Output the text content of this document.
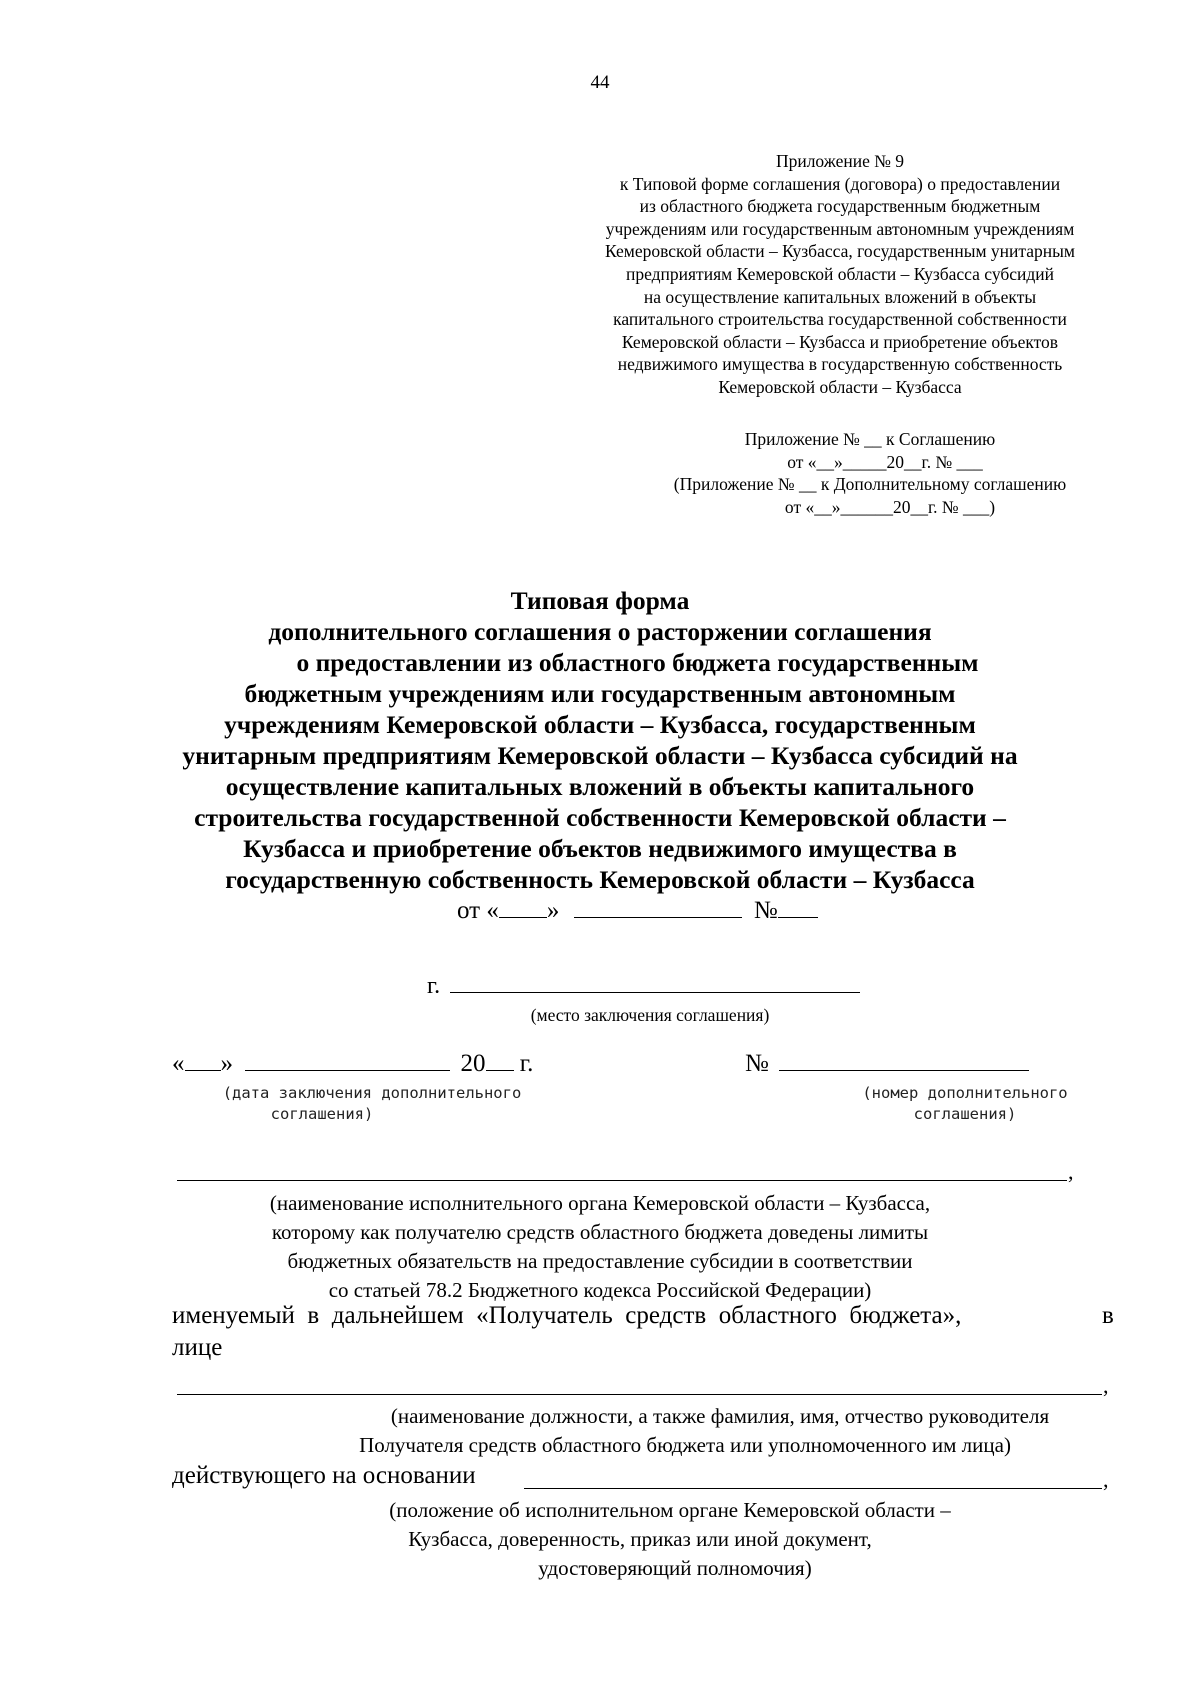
44
Приложение № 9
к Типовой форме соглашения (договора) о предоставлении
из областного бюджета государственным бюджетным
учреждениям или государственным автономным учреждениям
Кемеровской области – Кузбасса, государственным унитарным
предприятиям Кемеровской области – Кузбасса субсидий
на осуществление капитальных вложений в объекты
капитального строительства государственной собственности
Кемеровской области – Кузбасса и приобретение объектов
недвижимого имущества в государственную собственность
Кемеровской области – Кузбасса
Приложение № __ к Соглашению
от «__»_____20__г. № ___
(Приложение № __ к Дополнительному соглашению
от «__»______20__г. № ___)
Типовая форма
дополнительного соглашения о расторжении соглашения
о предоставлении из областного бюджета государственным
бюджетным учреждениям или государственным автономным
учреждениям Кемеровской области – Кузбасса, государственным
унитарным предприятиям Кемеровской области – Кузбасса субсидий на
осуществление капитальных вложений в объекты капитального
строительства государственной собственности Кемеровской области –
Кузбасса и приобретение объектов недвижимого имущества в
государственную собственность Кемеровской области – Кузбасса
от « »	№
г.
(место заключения соглашения)
« »	20 г.
(дата заключения дополнительного
соглашения)
№
(номер дополнительного
соглашения)
,
(наименование исполнительного органа Кемеровской области – Кузбасса,
которому как получателю средств областного бюджета доведены лимиты
бюджетных обязательств на предоставление субсидии в соответствии
со статьей 78.2 Бюджетного кодекса Российской Федерации)
именуемый  в  дальнейшем  «Получатель  средств  областного  бюджета»,	в
лице
,
(наименование должности, а также фамилия, имя, отчество руководителя
Получателя средств областного бюджета или уполномоченного им лица)
действующего на основании	,
(положение об исполнительном органе Кемеровской области –
Кузбасса, доверенность, приказ или иной документ,
удостоверяющий полномочия)
